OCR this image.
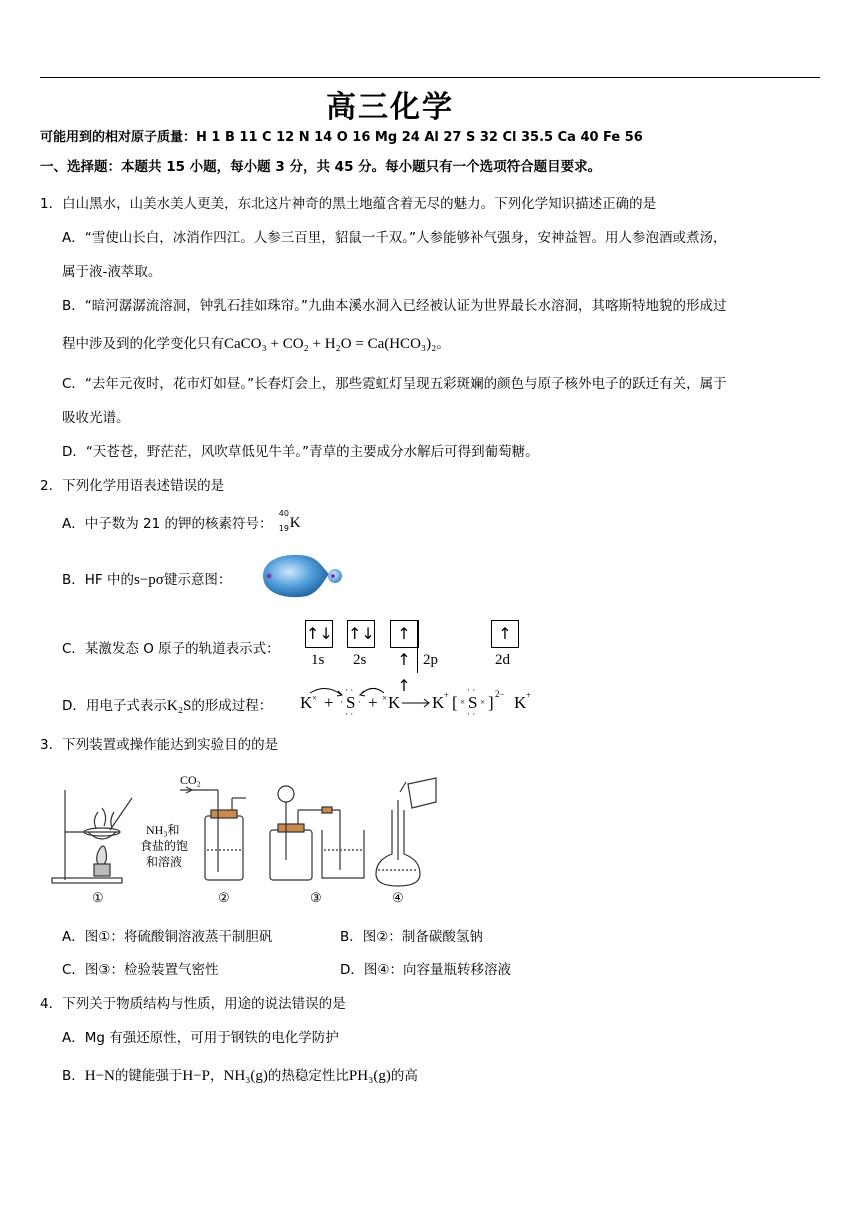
高三化学
可能用到的相对原子质量：H 1 B 11 C 12 N 14 O 16 Mg 24 Al 27 S 32 Cl 35.5 Ca 40 Fe 56
一、选择题：本题共 15 小题，每小题 3 分，共 45 分。每小题只有一个选项符合题目要求。
1．白山黑水，山美水美人更美，东北这片神奇的黑土地蕴含着无尽的魅力。下列化学知识描述正确的是
A．“雪使山长白，冰消作四江。人参三百里，貂鼠一千双。”人参能够补气强身，安神益智。用人参泡酒或煮汤，
属于液-液萃取。
B．“暗河潺潺流溶洞，钟乳石挂如珠帘。”九曲本溪水洞入已经被认证为世界最长水溶洞，其喀斯特地貌的形成过
程中涉及到的化学变化只有CaCO₃ + CO₂ + H₂O = Ca(HCO₃)₂。
C．“去年元夜时，花市灯如昼。”长春灯会上，那些霓虹灯呈现五彩斑斓的颜色与原子核外电子的跃迁有关，属于
吸收光谱。
D．“天苍苍，野茫茫，风吹草低见牛羊。”青草的主要成分水解后可得到葡萄糖。
2．下列化学用语表述错误的是
A．中子数为 21 的钾的核素符号：
40
19 K
B．HF 中的s−pσ键示意图：
C．某激发态 O 原子的轨道表示式：
↑↓ ↑↓	↑↑↑
↑
1s 2s	2p	2d
D．用电子式表示K₂S的形成过程： K × + S
· ·
· ·
· · + × K K + [ × S
· ·
· ·
× ] 2− K +
3．下列装置或操作能达到实验目的的是
①
CO₂
NH₃和
食盐的饱
和溶液
②	③	④
A．图①：将硫酸铜溶液蒸干制胆矾	B．图②：制备碳酸氢钠
C．图③：检验装置气密性	D．图④：向容量瓶转移溶液
4．下列关于物质结构与性质，用途的说法错误的是
A．Mg 有强还原性，可用于钢铁的电化学防护
B．H−N的键能强于H−P，NH₃(g)的热稳定性比PH₃(g)的高
